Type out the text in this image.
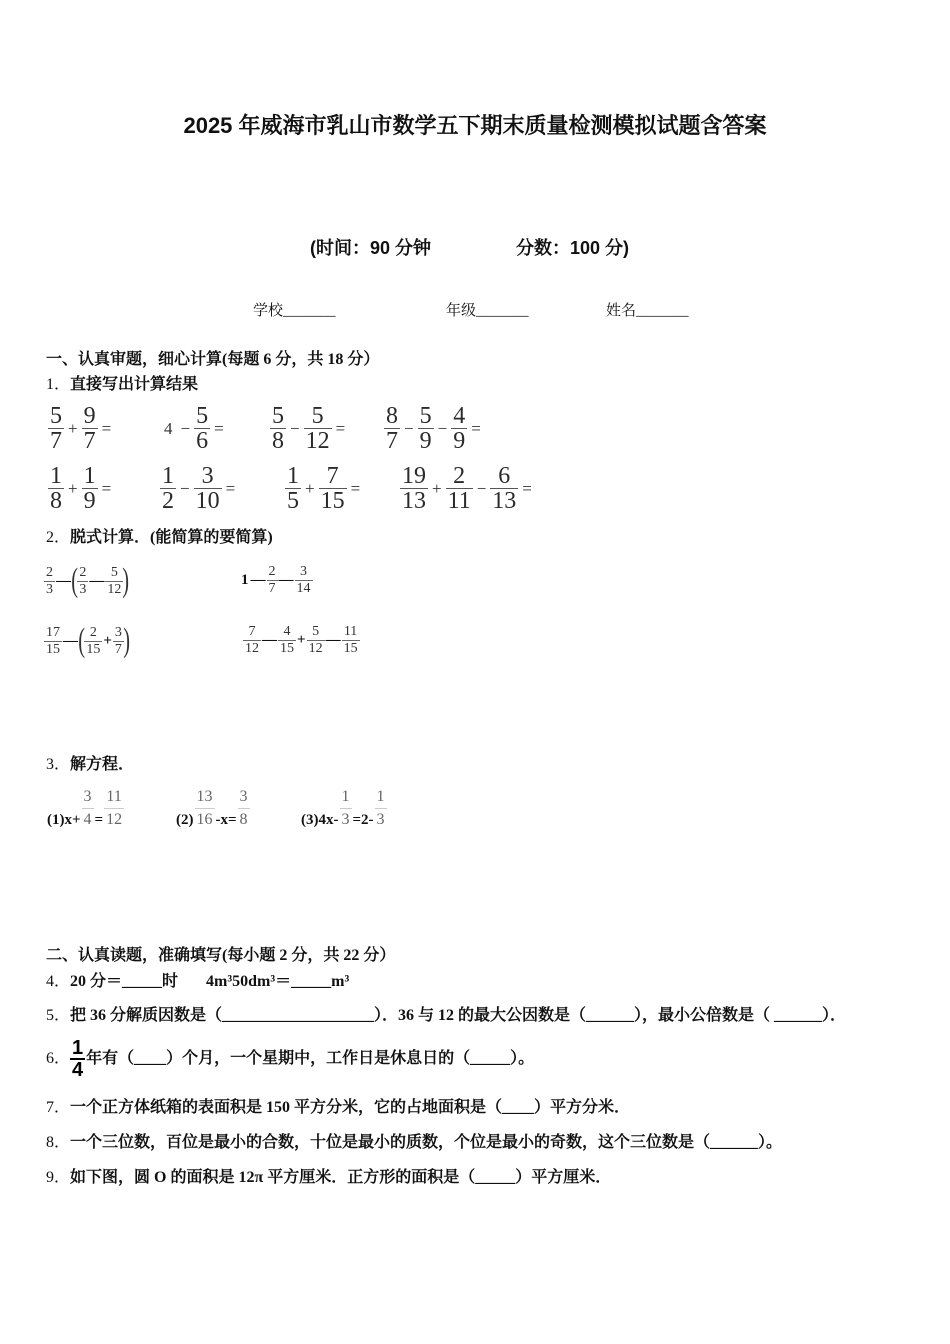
2025 年威海市乳山市数学五下期末质量检测模拟试题含答案
(时间：90 分钟	分数：100 分)
学校_______	年级_______	姓名_______
一、认真审题，细心计算(每题 6 分，共 18 分）
1．直接写出计算结果
$\frac{5}{7} + \frac{9}{7}$ =	$4 - \frac{5}{6} = \frac{5}{8} - \frac{5}{12} = \frac{8}{7} - \frac{5}{9} - \frac{4}{9}$ =
$\frac{1}{8} + \frac{1}{9} = \frac{1}{2} - \frac{3}{10} = \frac{1}{5} + \frac{7}{15} = \frac{19}{13} + \frac{2}{11} - \frac{6}{13}$ =
2．脱式计算．(能简算的要简算)
$\frac{2}{3}$ — ( $\frac{2}{3}$ — $\frac{5}{12}$ )	1 — $\frac{2}{7}$ — $\frac{3}{14}$
$\frac{17}{15}$ — ( $\frac{2}{15} + \frac{3}{7}$ )	$\frac{7}{12}$ — $\frac{4}{15} + \frac{5}{12}$ — $\frac{11}{15}$
3．解方程．
$(1)x+ \frac{3}{4} = \frac{11}{12}$	$(2) \frac{13}{16} -x= \frac{3}{8}$	$(3)4x- \frac{1}{3} =2- \frac{1}{3}$
二、认真读题，准确填写(每小题 2 分，共 22 分）
4．20 分＝_____时 4m³50dm³＝_____m³
5．把 36 分解质因数是（___________________）．36 与 12 的最大公因数是（______），最小公倍数是（ ______）．
6． $\frac{1}{4}$ 年有（____）个月，一个星期中，工作日是休息日的（_____）。
7．一个正方体纸箱的表面积是 150 平方分米，它的占地面积是（____）平方分米．
8．一个三位数，百位是最小的合数，十位是最小的质数，个位是最小的奇数，这个三位数是（______）。
9．如下图，圆 O 的面积是 12π 平方厘米．正方形的面积是（_____）平方厘米．
